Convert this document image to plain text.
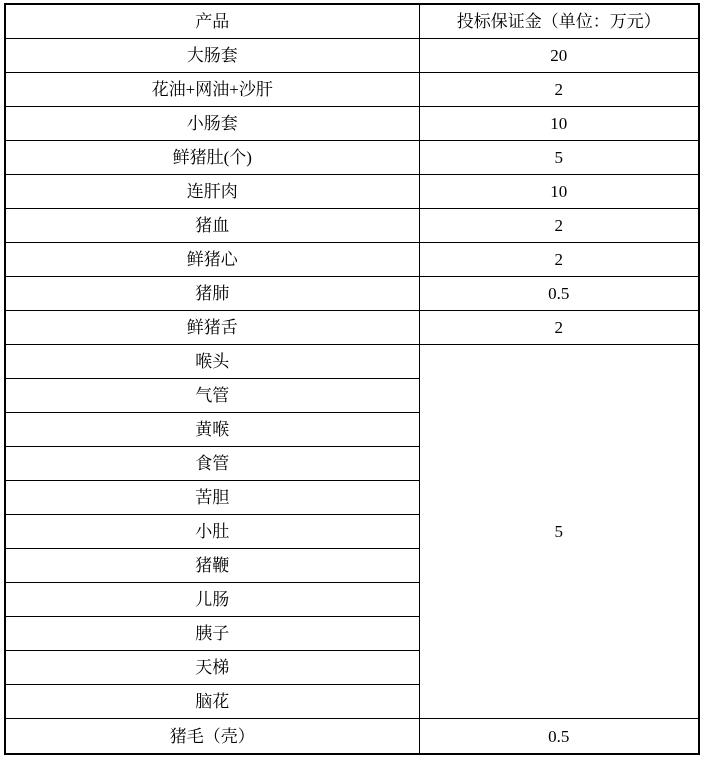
产品	投标保证金（单位：万元）
大肠套	20
花油+网油+沙肝	2
小肠套	10
鲜猪肚(个)	5
连肝肉	10
猪血	2
鲜猪心	2
猪肺	0.5
鲜猪舌	2
喉头	5
气管	
黄喉	
食管	
苦胆	
小肚	
猪鞭	
儿肠	
胰子	
天梯	
脑花	
猪毛（壳）	0.5
